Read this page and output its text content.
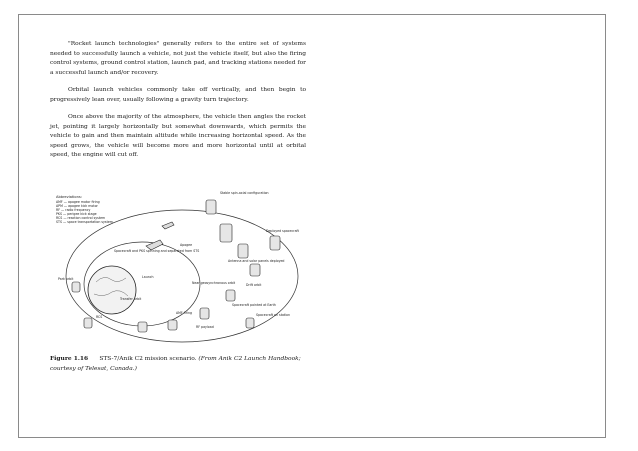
"Rocket launch technologies" generally refers to the entire set of systems needed to successfully launch a vehicle, not just the vehicle itself, but also the firing control systems, ground control station, launch pad, and tracking stations needed for a successful launch and/or recovery.

Orbital launch vehicles commonly take off vertically, and then begin to progressively lean over, usually following a gravity turn trajectory.

Once above the majority of the atmosphere, the vehicle then angles the rocket jet, pointing it largely horizontally but somewhat downwards, which permits the vehicle to gain and then maintain altitude while increasing horizontal speed. As the speed grows, the vehicle will become more and more horizontal until at orbital speed, the engine will cut off.

Abbreviations:
AMF — apogee motor firing
APM — apogee kick motor
RF — radio frequency
PKS — perigee kick stage
RCS — reaction control system
STS — space transportation system
Launch
Spacecraft and PKS spinning and separated from STS
Transfer orbit
Park orbit
Stable spin-axial configuration
Deployed spacecraft
Antenna and solar panels deployed
Near geosynchronous orbit	Drift orbit
Spacecraft on station
AMF firing
RF payload
RCS
Spacecraft pointed at Earth
Apogee
Figure 1.16 STS-7/Anik C2 mission scenario. (From Anik C2 Launch Handbook; courtesy of Telesat, Canada.)
